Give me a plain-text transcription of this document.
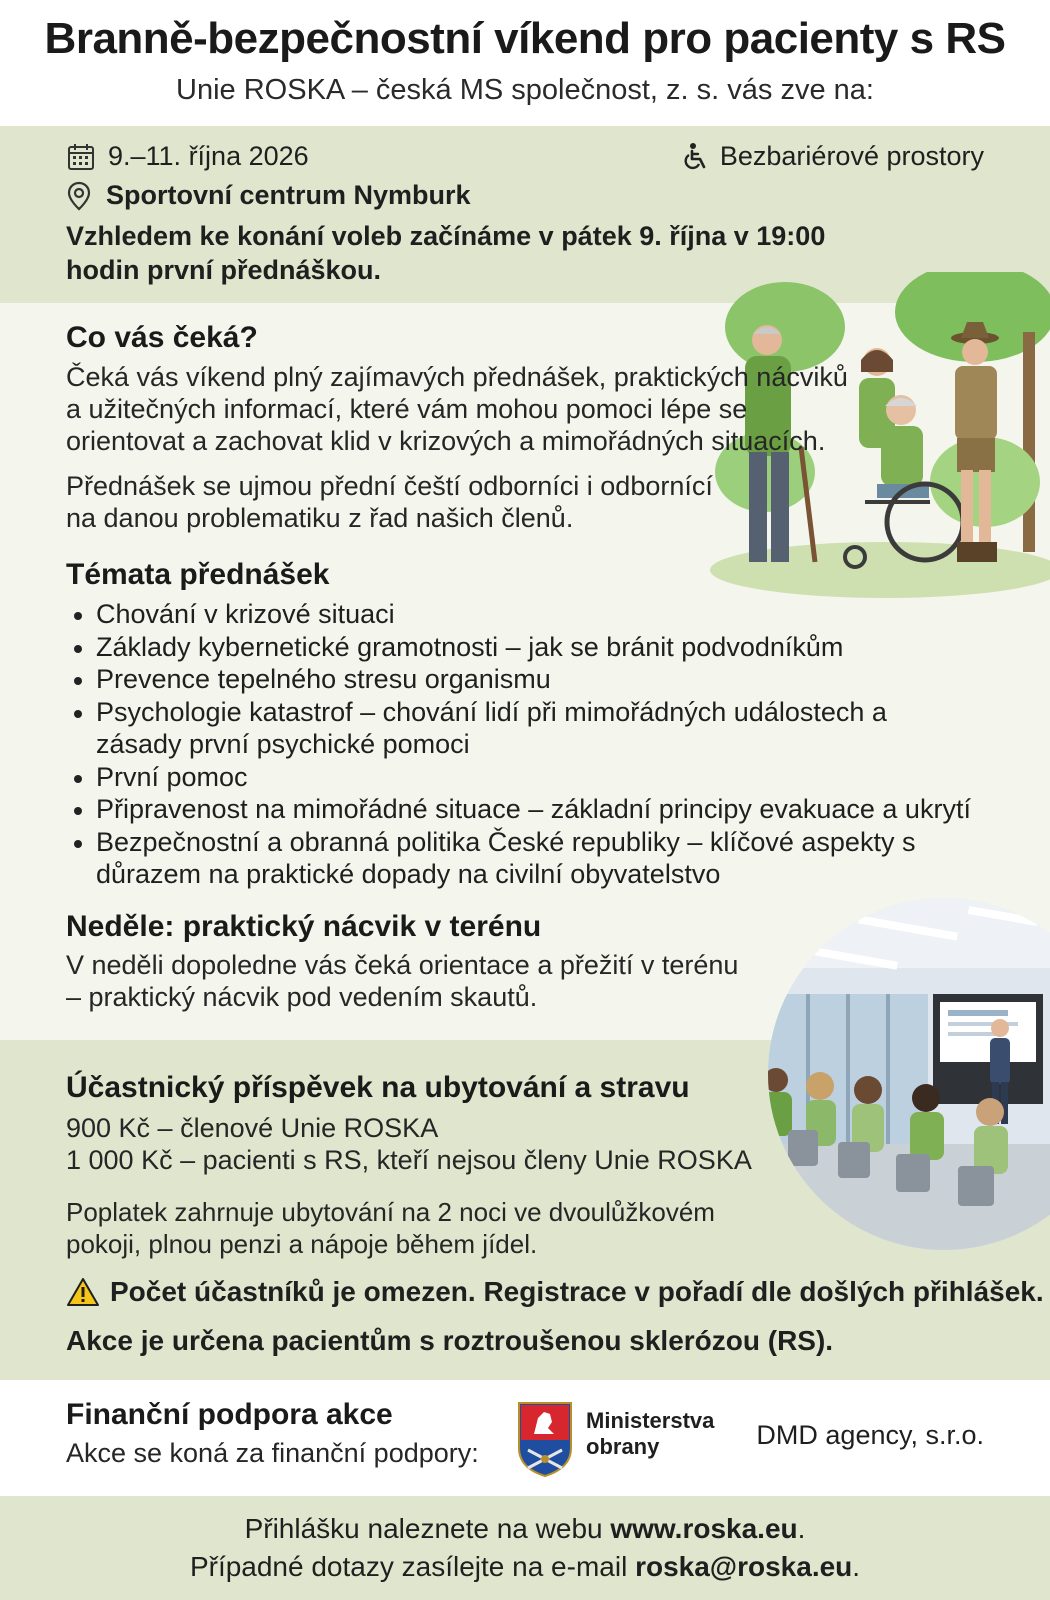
Branně-bezpečnostní víkend pro pacienty s RS
Unie ROSKA – česká MS společnost, z. s. vás zve na:
9.–11. října 2026	Bezbariérové prostory
Sportovní centrum Nymburk
Vzhledem ke konání voleb začínáme v pátek 9. října v 19:00 hodin první přednáškou.
Co vás čeká?
Čeká vás víkend plný zajímavých přednášek, praktických nácviků a užitečných informací, které vám mohou pomoci lépe se orientovat a zachovat klid v krizových a mimořádných situacích.
Přednášek se ujmou přední čeští odborníci i odbornící na danou problematiku z řad našich členů.
Témata přednášek
Chování v krizové situaci
Základy kybernetické gramotnosti – jak se bránit podvodníkům
Prevence tepelného stresu organismu
Psychologie katastrof – chování lidí při mimořádných událostech a zásady první psychické pomoci
První pomoc
Připravenost na mimořádné situace – základní principy evakuace a ukrytí
Bezpečnostní a obranná politika České republiky – klíčové aspekty s důrazem na praktické dopady na civilní obyvatelstvo
Neděle: praktický nácvik v terénu
V neděli dopoledne vás čeká orientace a přežití v terénu – praktický nácvik pod vedením skautů.
Účastnický příspěvek na ubytování a stravu
900 Kč – členové Unie ROSKA
1 000 Kč – pacienti s RS, kteří nejsou členy Unie ROSKA
Poplatek zahrnuje ubytování na 2 noci ve dvoulůžkovém pokoji, plnou penzi a nápoje během jídel.
Počet účastníků je omezen. Registrace v pořadí dle došlých přihlášek.
Akce je určena pacientům s roztroušenou sklerózou (RS).
Finanční podpora akce
Akce se koná za finanční podpory:
Ministerstva
obrany	DMD agency, s.r.o.
Přihlášku naleznete na webu www.roska.eu.
Případné dotazy zasílejte na e-mail roska@roska.eu.
